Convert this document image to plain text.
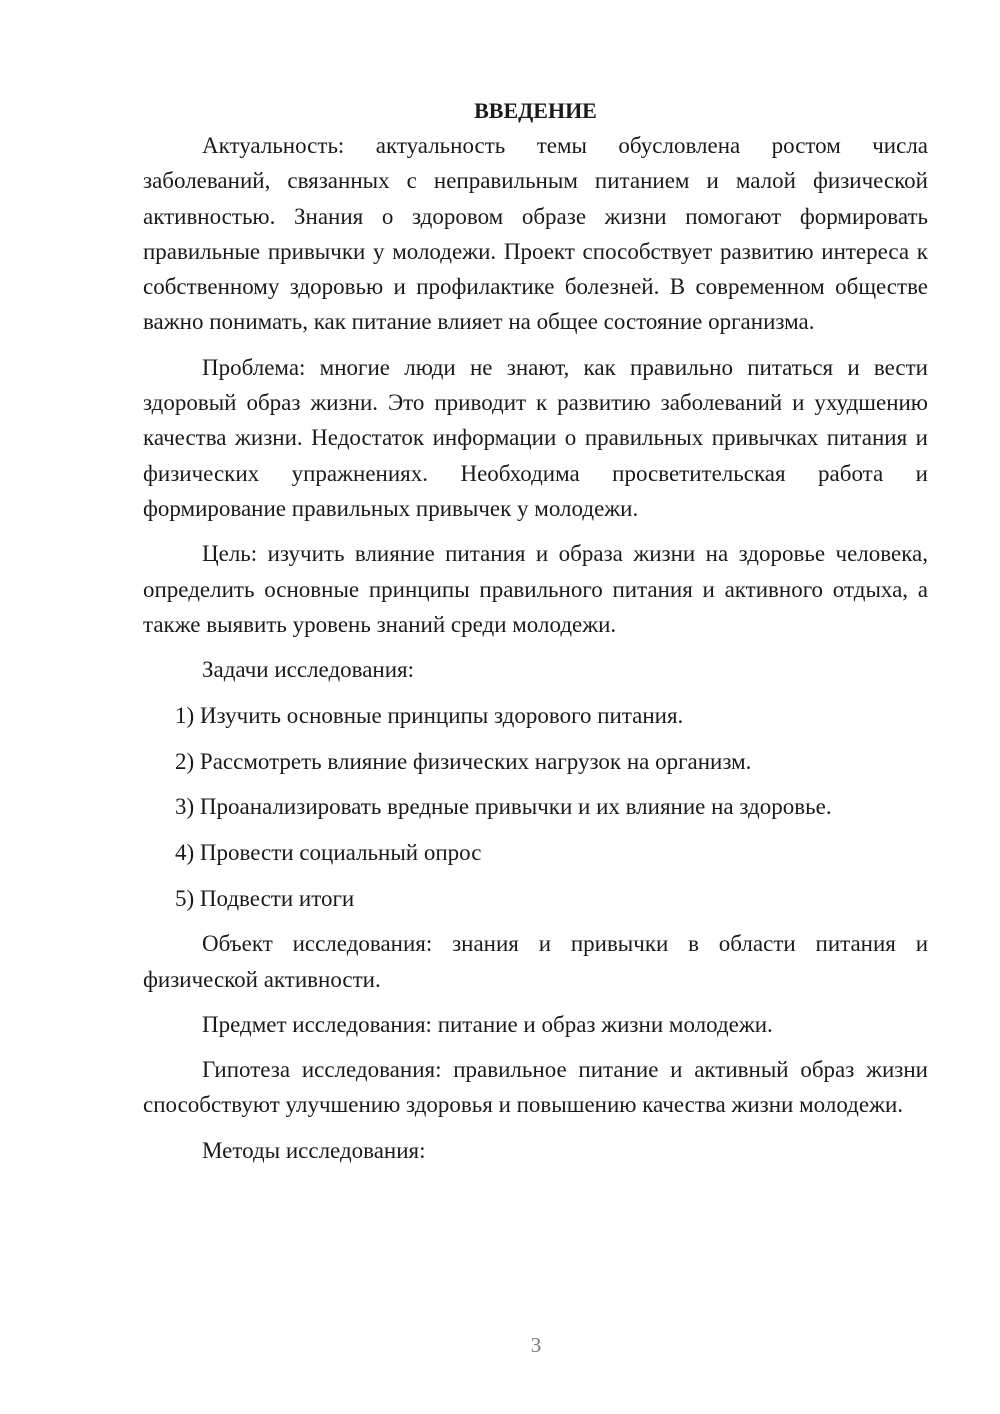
ВВЕДЕНИЕ

Актуальность: актуальность темы обусловлена ростом числа заболеваний, связанных с неправильным питанием и малой физической активностью. Знания о здоровом образе жизни помогают формировать правильные привычки у молодежи. Проект способствует развитию интереса к собственному здоровью и профилактике болезней. В современном обществе важно понимать, как питание влияет на общее состояние организма.

Проблема: многие люди не знают, как правильно питаться и вести здоровый образ жизни. Это приводит к развитию заболеваний и ухудшению качества жизни. Недостаток информации о правильных привычках питания и физических упражнениях. Необходима просветительская работа и формирование правильных привычек у молодежи.

Цель: изучить влияние питания и образа жизни на здоровье человека, определить основные принципы правильного питания и активного отдыха, а также выявить уровень знаний среди молодежи.

Задачи исследования:
1) Изучить основные принципы здорового питания.
2) Рассмотреть влияние физических нагрузок на организм.
3) Проанализировать вредные привычки и их влияние на здоровье.
4) Провести социальный опрос
5) Подвести итоги

Объект исследования: знания и привычки в области питания и физической активности.

Предмет исследования: питание и образ жизни молодежи.

Гипотеза исследования: правильное питание и активный образ жизни способствуют улучшению здоровья и повышению качества жизни молодежи.

Методы исследования:
3
